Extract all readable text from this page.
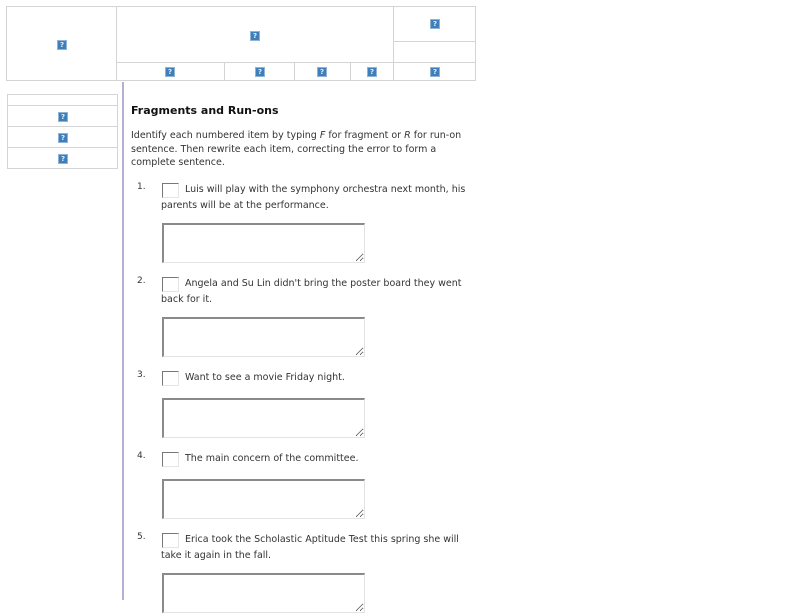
?
?
?
?	?	?	?	?
?
?
?
Fragments and Run-ons

Identify each numbered item by typing F for fragment or R for run-on sentence. Then rewrite each item, correcting the error to form a complete sentence.

1.	Luis will play with the symphony orchestra next month, his parents will be at the performance.
2.	Angela and Su Lin didn't bring the poster board they went back for it.
3.	Want to see a movie Friday night.
4.	The main concern of the committee.
5.	Erica took the Scholastic Aptitude Test this spring she will take it again in the fall.
